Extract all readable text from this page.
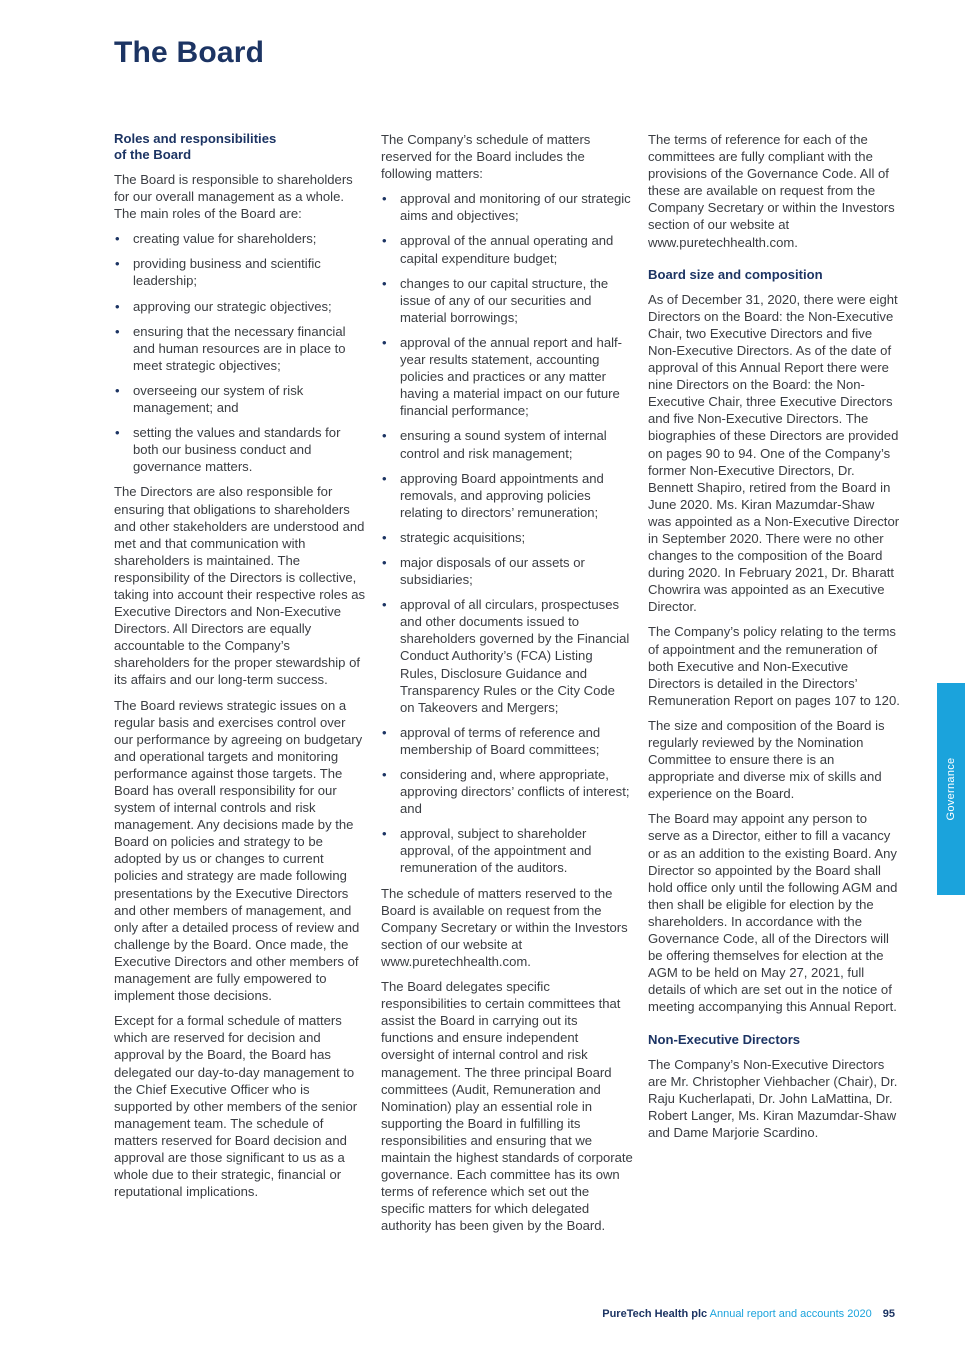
The Board
Roles and responsibilities
of the Board

The Board is responsible to shareholders for our overall management as a whole. The main roles of the Board are:

• creating value for shareholders;
• providing business and scientific leadership;
• approving our strategic objectives;
• ensuring that the necessary financial and human resources are in place to meet strategic objectives;
• overseeing our system of risk management; and
• setting the values and standards for both our business conduct and governance matters.

The Directors are also responsible for ensuring that obligations to shareholders and other stakeholders are understood and met and that communication with shareholders is maintained. The responsibility of the Directors is collective, taking into account their respective roles as Executive Directors and Non-Executive Directors. All Directors are equally accountable to the Company’s shareholders for the proper stewardship of its affairs and our long-term success.

The Board reviews strategic issues on a regular basis and exercises control over our performance by agreeing on budgetary and operational targets and monitoring performance against those targets. The Board has overall responsibility for our system of internal controls and risk management. Any decisions made by the Board on policies and strategy to be adopted by us or changes to current policies and strategy are made following presentations by the Executive Directors and other members of management, and only after a detailed process of review and challenge by the Board. Once made, the Executive Directors and other members of management are fully empowered to implement those decisions.

Except for a formal schedule of matters which are reserved for decision and approval by the Board, the Board has delegated our day-to-day management to the Chief Executive Officer who is supported by other members of the senior management team. The schedule of matters reserved for Board decision and approval are those significant to us as a whole due to their strategic, financial or reputational implications.

The Company’s schedule of matters reserved for the Board includes the following matters:

• approval and monitoring of our strategic aims and objectives;
• approval of the annual operating and capital expenditure budget;
• changes to our capital structure, the issue of any of our securities and material borrowings;
• approval of the annual report and half-year results statement, accounting policies and practices or any matter having a material impact on our future financial performance;
• ensuring a sound system of internal control and risk management;
• approving Board appointments and removals, and approving policies relating to directors’ remuneration;
• strategic acquisitions;
• major disposals of our assets or subsidiaries;
• approval of all circulars, prospectuses and other documents issued to shareholders governed by the Financial Conduct Authority’s (FCA) Listing Rules, Disclosure Guidance and Transparency Rules or the City Code on Takeovers and Mergers;
• approval of terms of reference and membership of Board committees;
• considering and, where appropriate, approving directors’ conflicts of interest; and
• approval, subject to shareholder approval, of the appointment and remuneration of the auditors.

The schedule of matters reserved to the Board is available on request from the Company Secretary or within the Investors section of our website at www.puretechhealth.com.

The Board delegates specific responsibilities to certain committees that assist the Board in carrying out its functions and ensure independent oversight of internal control and risk management. The three principal Board committees (Audit, Remuneration and Nomination) play an essential role in supporting the Board in fulfilling its responsibilities and ensuring that we maintain the highest standards of corporate governance. Each committee has its own terms of reference which set out the specific matters for which delegated authority has been given by the Board.

The terms of reference for each of the committees are fully compliant with the provisions of the Governance Code. All of these are available on request from the Company Secretary or within the Investors section of our website at www.puretechhealth.com.

Board size and composition

As of December 31, 2020, there were eight Directors on the Board: the Non-Executive Chair, two Executive Directors and five Non-Executive Directors. As of the date of approval of this Annual Report there were nine Directors on the Board: the Non-Executive Chair, three Executive Directors and five Non-Executive Directors. The biographies of these Directors are provided on pages 90 to 94. One of the Company’s former Non-Executive Directors, Dr. Bennett Shapiro, retired from the Board in June 2020. Ms. Kiran Mazumdar-Shaw was appointed as a Non-Executive Director in September 2020. There were no other changes to the composition of the Board during 2020. In February 2021, Dr. Bharatt Chowrira was appointed as an Executive Director.

The Company’s policy relating to the terms of appointment and the remuneration of both Executive and Non-Executive Directors is detailed in the Directors’ Remuneration Report on pages 107 to 120.

The size and composition of the Board is regularly reviewed by the Nomination Committee to ensure there is an appropriate and diverse mix of skills and experience on the Board.

The Board may appoint any person to serve as a Director, either to fill a vacancy or as an addition to the existing Board. Any Director so appointed by the Board shall hold office only until the following AGM and then shall be eligible for election by the shareholders. In accordance with the Governance Code, all of the Directors will be offering themselves for election at the AGM to be held on May 27, 2021, full details of which are set out in the notice of meeting accompanying this Annual Report.

Non-Executive Directors

The Company’s Non-Executive Directors are Mr. Christopher Viehbacher (Chair), Dr. Raju Kucherlapati, Dr. John LaMattina, Dr. Robert Langer, Ms. Kiran Mazumdar-Shaw and Dame Marjorie Scardino.

Governance
PureTech Health plc Annual report and accounts 2020 95
